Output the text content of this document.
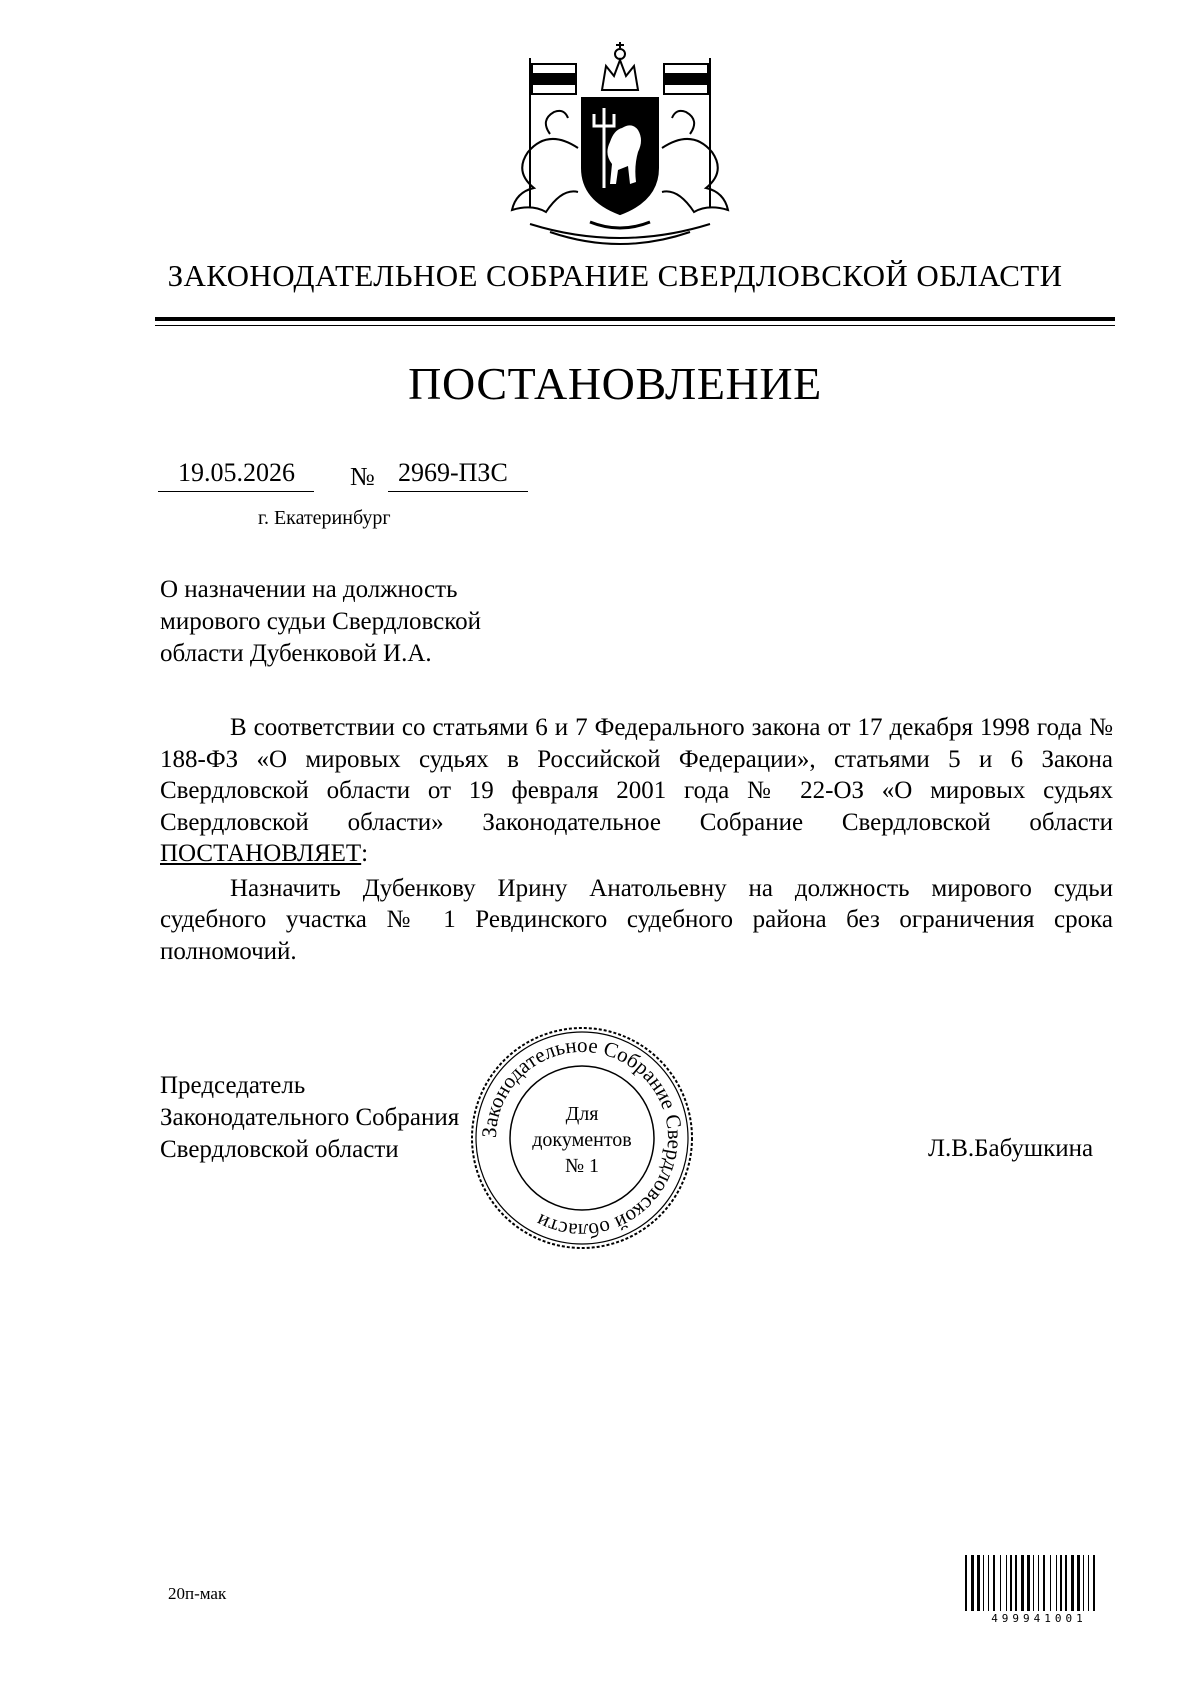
ЗАКОНОДАТЕЛЬНОЕ СОБРАНИЕ СВЕРДЛОВСКОЙ ОБЛАСТИ
ПОСТАНОВЛЕНИЕ
19.05.2026 № 2969-ПЗС
г. Екатеринбург
О назначении на должность
мирового судьи Свердловской
области Дубенковой И.А.
В соответствии со статьями 6 и 7 Федерального закона от 17 декабря 1998 года № 188-ФЗ «О мировых судьях в Российской Федерации», статьями 5 и 6 Закона Свердловской области от 19 февраля 2001 года № 22-ОЗ «О мировых судьях Свердловской области» Законодательное Собрание Свердловской области ПОСТАНОВЛЯЕТ:
Назначить Дубенкову Ирину Анатольевну на должность мирового судьи судебного участка № 1 Ревдинского судебного района без ограничения срока полномочий.
Председатель
Законодательного Собрания
Свердловской области	Л.В.Бабушкина
Законодательное Собрание Свердловской области
Для
документов
№ 1
20п-мак
499941001
